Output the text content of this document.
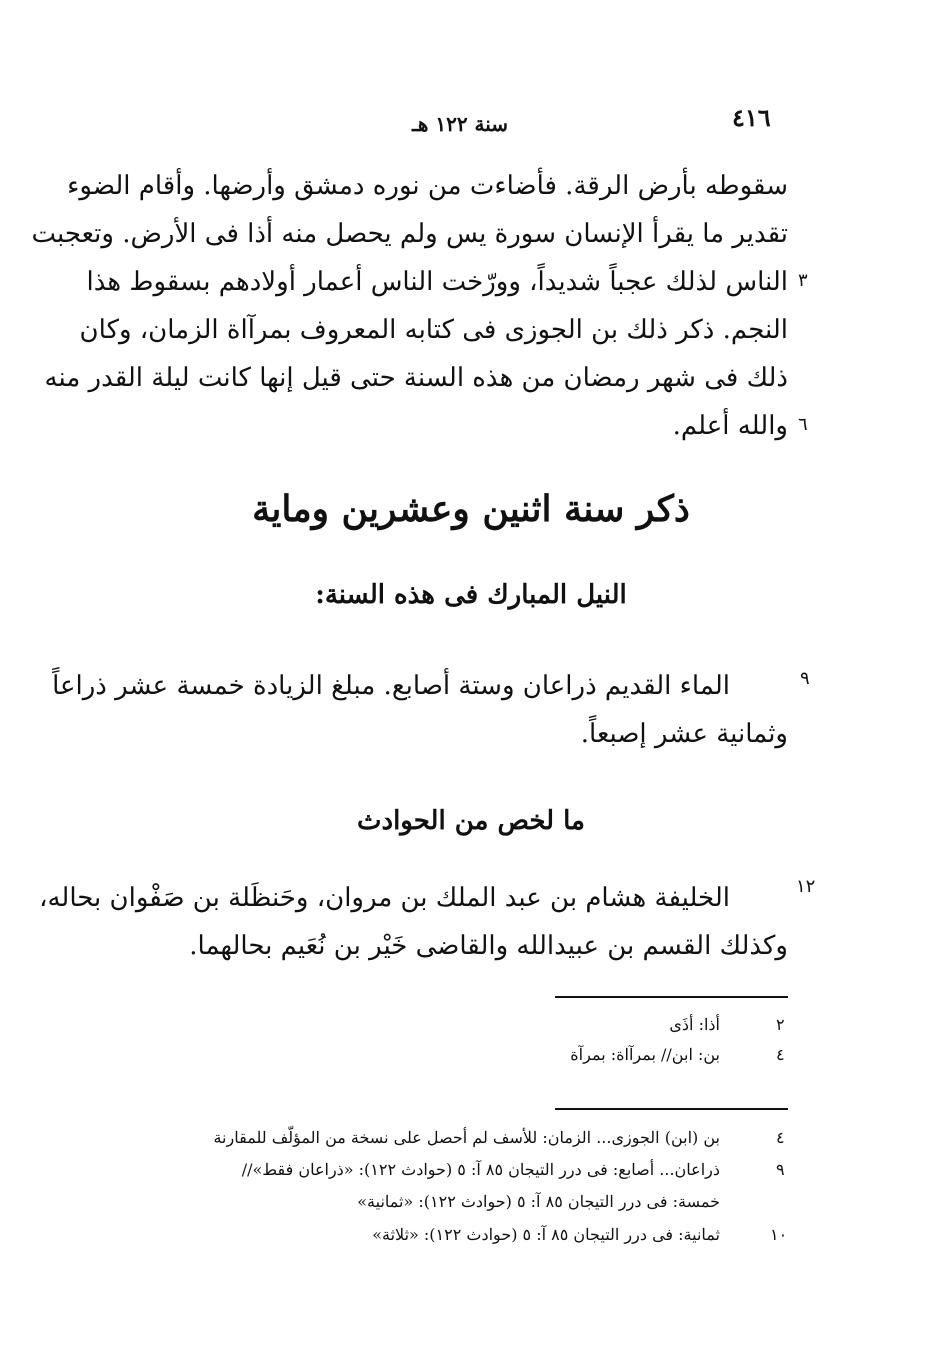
٤١٦
سنة ١٢٢ هـ
سقوطه بأرض الرقة. فأضاءت من نوره دمشق وأرضها. وأقام الضوء
تقدير ما يقرأ الإنسان سورة يس ولم يحصل منه أذا فى الأرض. وتعجبت
الناس لذلك عجباً شديداً، وورّخت الناس أعمار أولادهم بسقوط هذا
النجم. ذكر ذلك بن الجوزى فى كتابه المعروف بمرآاة الزمان، وكان
ذلك فى شهر رمضان من هذه السنة حتى قيل إنها كانت ليلة القدر منه
والله أعلم.
٣
٦
ذكر سنة اثنين وعشرين وماية
النيل المبارك فى هذه السنة:
٩
الماء القديم ذراعان وستة أصابع. مبلغ الزيادة خمسة عشر ذراعاً
وثمانية عشر إصبعاً.
ما لخص من الحوادث
١٢
الخليفة هشام بن عبد الملك بن مروان، وحَنظَلة بن صَفْوان بحاله،
وكذلك القسم بن عبيدالله والقاضى خَيْر بن نُعَيم بحالهما.
٢
أذا: أذَى
٤
بن: ابن// بمرآاة: بمرآة
٤
بن (ابن) الجوزى... الزمان: للأسف لم أحصل على نسخة من المؤلّف للمقارنة
٩
ذراعان... أصابع: فى درر التيجان ٨٥ آ: ٥ (حوادث ١٢٢): «ذراعان فقط»//
خمسة: فى درر التيجان ٨٥ آ: ٥ (حوادث ١٢٢): «ثمانية»
١٠
ثمانية: فى درر التيجان ٨٥ آ: ٥ (حوادث ١٢٢): «ثلاثة»
